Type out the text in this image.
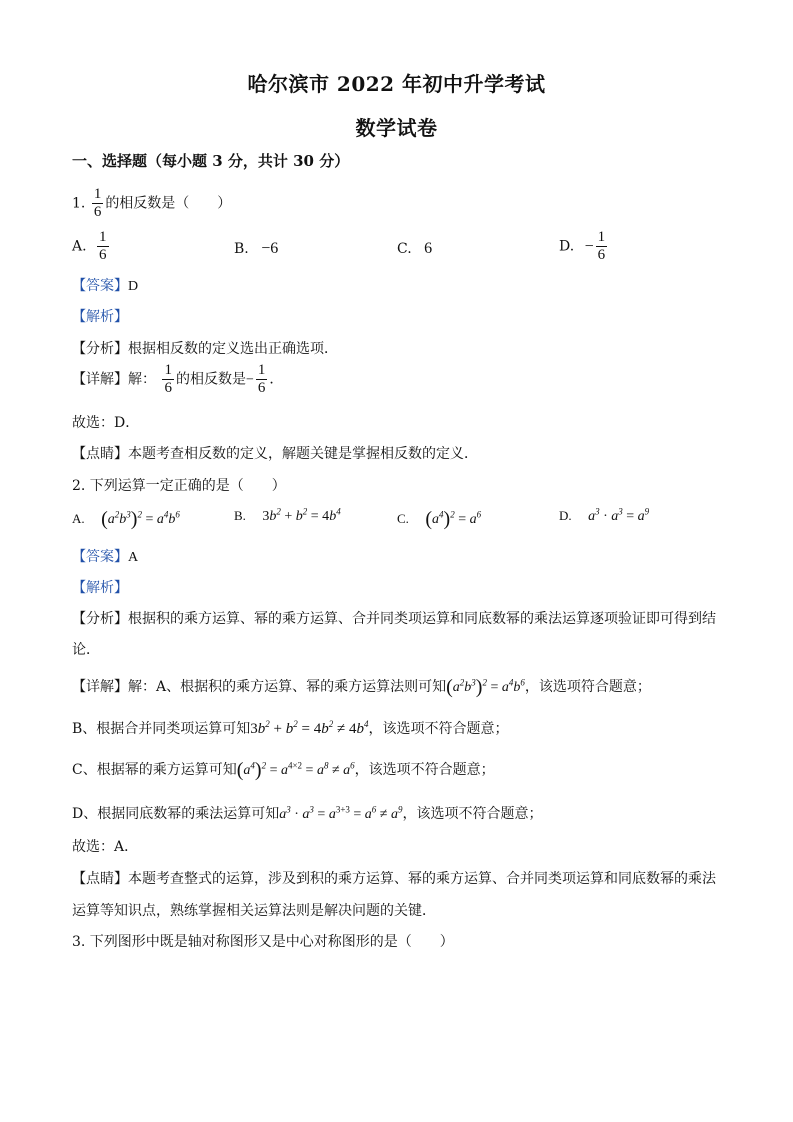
哈尔滨市 2022 年初中升学考试
数学试卷
一、选择题（每小题 3 分，共计 30 分）
1. $\frac{1}{6}$ 的相反数是（　　）
A. $\frac{1}{6}$	B. −6	C. 6	D. − $\frac{1}{6}$
【答案】D
【解析】
【分析】根据相反数的定义选出正确选项．
【详解】解： $\frac{1}{6}$ 的相反数是− $\frac{1}{6}$ ．
故选：D．
【点睛】本题考查相反数的定义，解题关键是掌握相反数的定义．
2. 下列运算一定正确的是（　　）
A. $(a^2b^3)^2 = a^4b^6$	B. $3b^2 + b^2 = 4b^4$	C. $(a^4)^2 = a^6$	D. $a^3 \cdot a^3 = a^9$
【答案】A
【解析】
【分析】根据积的乘方运算、幂的乘方运算、合并同类项运算和同底数幂的乘法运算逐项验证即可得到结
论．
【详解】解：A、根据积的乘方运算、幂的乘方运算法则可知$(a^2b^3)^2 = a^4b^6$，该选项符合题意；
B、根据合并同类项运算可知$3b^2 + b^2 = 4b^2 \ne 4b^4$，该选项不符合题意；
C、根据幂的乘方运算可知$(a^4)^2 = a^{4\times 2} = a^8 \ne a^6$，该选项不符合题意；
D、根据同底数幂的乘法运算可知$a^3 \cdot a^3 = a^{3+3} = a^6 \ne a^9$，该选项不符合题意；
故选：A．
【点睛】本题考查整式的运算，涉及到积的乘方运算、幂的乘方运算、合并同类项运算和同底数幂的乘法
运算等知识点，熟练掌握相关运算法则是解决问题的关键．
3. 下列图形中既是轴对称图形又是中心对称图形的是（　　）
